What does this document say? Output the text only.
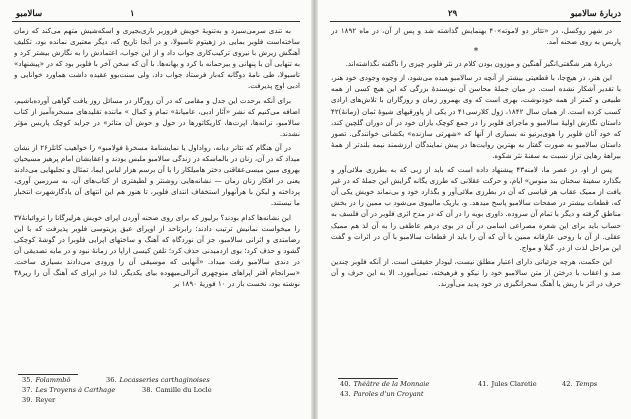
۱
سالامبو

به تندی سرمی‌سیزد و به‌تنوبهٔ خویش فروزبر باری‌بجیری و اسکه‌شیش متهم می‌کند که زمان ساخته‌است فلوبر بمایی در ژهیتوم تاسیولا، و در آنجا تاریخ که، دیگر معتبری نمانده بود، تکلیف آهنگش زیرش با نیروی ترکیب‌کاری جواب داد و از این جواب، اعتمادش را به نگارش بیشتر کرد و به تنهایی آن با پنهانی و بیرحمانه با کرد و بهانه‌ها. با آن که سخن آخر با فلوبر بود که در «پیشنهاد» تاسیولا، طی نامهٔ دوگانه که‌بار فرستاد جواب داد، ولی سنت‌بوو عقیده داشت هماورد خوانایی و ادبی اوچ پذیرفت.

برای آنکه برحدت این جدل و مقامی که در آن روزگار در مسائل روز یافت گواهی آورده‌باشیم، اضافه می‌کنیم که نشر «آثار ادبی، عامیانهٔ» تمام و کمال » ماننده تقلیدهای مسخره‌آمیز از کتاب سالامبو، ترانه‌ها، اپرت‌ها، کاریکاتورها در حول و حوش آن متاثر» در جرايد کوچک پاريس مؤثر نشدند.

در آن هنگام که تئاتر دیانه، رواداول یا نمایشنامهٔ مسخرهٔ فولامبو» را خواهیب کاتلز۲۶ از نشان میداد که در آن، زنان در بالماسکه در زندگی سالامبو ملبس بودند و اعقابشان امام پرهیز مسیحیان بهروی مبین میسی‌عقاقنی دختر هامیلکار را با آن برسم هزار لباس ایما، تمثال و تجلیهایی می‌دادند یعنی در افکار زنان زمان — نشانه‌هایی روشنتر و لطیفتری از کتاب‌های آن، به سرزمین آوری، پرداخته و لیکن با هر‌آنهوار استخفاف انتدای فلوبر، تا هنوز هم این انتهای آن یادگار‌شهرت انتخبار ما نیستند.

این نشانه‌ها کدام بودند؟ برلیوز که برای روی صحنه آوردن اپرای خویش هرلیرگانا را تروائیانهٔ۳۷ را میخواست نمانیش ترتیب دادند؛ رابرتاحد از اوپرای عیق پزیتوسی فلوبر پذیرفت که با این رضامندی و اثرانی سالامبو، جز آن نوردگاه که آهنگ و ساختهای اپرایی فلوبرا در گوشهٔ کوچکی گشود و حذف کرد؛ بوی ازدمیدنی حذف کرد؛ تلفن کیسی اراپا در زمانهٔ نبود و در مایه تصدیقی آن در دندی سالامبو رفت میداد. «آنهایی که موسیقی آن را ورودی می‌دادند بسیاری ساخت. «سرانجام آفتر اپراهای منوچهری آنرالی‌میهوده بیای یکدیگر، لذا در اپرای که آهنگ آن را ریر۳۸ نوشته بود، نخست بار در ۱۰ فوریهٔ ۱۸۹۰ بر

35. Folammbô	36. Locasseries carthaginoises
37. Les Troyens à Carthage	38. Camille du Locle
39. Reyer
۲۹	دربارهٔ سالامبو

در شهر روکسل، در «تئاتر دو لاموته»۴۰ بهنمایش گذاشته شد و پس از آن، در ماه ۱۸۹۲ در پاریس به روی صحنه آمد.

*

دربارهٔ هنر شگفتی‌انگیز آهنگین و موزون بودن کلام در نثر فلوبر چیزی را ناگفته نگذاشته‌اند.

این هنر، در هیچ‌جا، با قطعیتی بیشتر از آنچه در سالامبو هیده می‌شود، از وجوه وجودی خود هنر، با تقدیر آشکار نشده است. در میان جملهٔ محاسن آن نویسندهٔ بزرگی که این هیچ کسی از همه طبیعی و کمتر از همه خودنوشت، بهری است که وی بهمرور زمان و روزگاران با تلاش‌های ارادی کسب کرده است. از همان سال ۱۸۴۲، ژول کلارسی۴۱ در یکی از پاورقیهای شیوهٔ ثمان (زمانهٔ)۴۲ داستان نگارش اولیهٔ سالامبو و ماجرای فلوبر را در جمع کوچک یاران خود در آن دوران گلچین کند، که خود آنان فلوبر را هوی‌برنیو نه بسیاری از آنها که «شهرتی سازنده» بکشانی خوانندگی. تصور داستان سالامبو به صورت گفتار به بهترین روایت‌ها در پیش نمایندگان ارزشمند نیمه بلندتر از همهٔ بیراههٔ رهایی تراز نسبت به سفنهٔ نثر شکوه.

پس از او، در عصر ما، لامنه۴۳ پیشنهاد داده است که باید از زبی که به بطرزی ملائی‌آور و بگذارد سفینهٔ سخنان بند منوس» ایام، و حرکت عقلانی که طرزی یگانه گرایش این جملهٔ که در غیر یافت از ممیک عقاب هر قیاسی که آن در بطرزی ملائی‌آور و بگذارد خود و بی‌نماند خویش یکی آن که، قطعات بیشتر در صفحات سالامبو پاسخ میدهد. و، باریک مالیبوی می‌شود ب ممین را در بخش مناطق گرفته و دیگر با تمام آن سروده. داوری بویه را در آن که در مدح اثری فلوبر در آن فلسف به حساب باید برای این شعره مصراعی اسامی در آن در بوی درهم عاطفی را به آن لذ هم ممیک عقلی. از آن با روحی عارفانه ممین با آن که آن را باید از قطعات سالامبو با آن در اثرات و گفت این مراحل لذت از در. گیلا و مواج.

این حکمت، هرچه جزئیاتی دارای اعتبار مطلق نیست، لیودار حقیقتی است. از آنکه فلوبر چندین صد و اعقاب با درختن از متن سالامبو خود را نیکو و فرهیخته، نمی‌آموزد. الا به این حرف و آن حرف در اثر با ریش یا آهنگ سحرانگیزی در خود پدید می‌آورند.

40. Théâtre de la Monnaie	41. Jules Claretie	42. Temps
43. Paroles d'un Croyant
